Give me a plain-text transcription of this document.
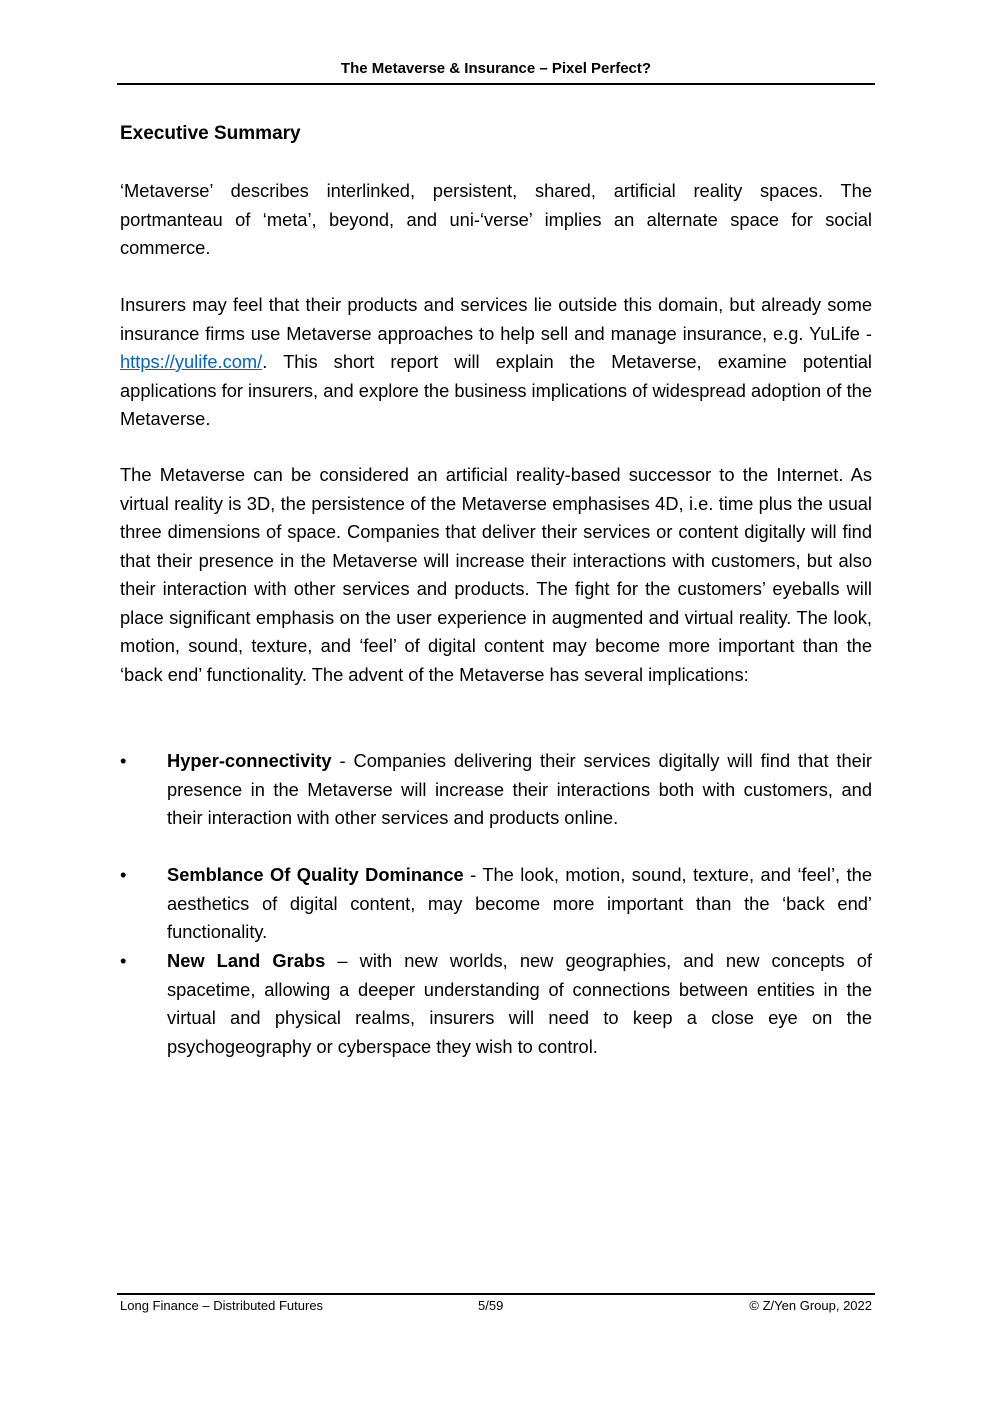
The Metaverse & Insurance – Pixel Perfect?
Executive Summary

‘Metaverse’ describes interlinked, persistent, shared, artificial reality spaces. The portmanteau of ‘meta’, beyond, and uni-‘verse’ implies an alternate space for social commerce.

Insurers may feel that their products and services lie outside this domain, but already some insurance firms use Metaverse approaches to help sell and manage insurance, e.g. YuLife - https://yulife.com/. This short report will explain the Metaverse, examine potential applications for insurers, and explore the business implications of widespread adoption of the Metaverse.

The Metaverse can be considered an artificial reality-based successor to the Internet. As virtual reality is 3D, the persistence of the Metaverse emphasises 4D, i.e. time plus the usual three dimensions of space. Companies that deliver their services or content digitally will find that their presence in the Metaverse will increase their interactions with customers, but also their interaction with other services and products. The fight for the customers’ eyeballs will place significant emphasis on the user experience in augmented and virtual reality. The look, motion, sound, texture, and ‘feel’ of digital content may become more important than the ‘back end’ functionality. The advent of the Metaverse has several implications:

• Hyper-connectivity - Companies delivering their services digitally will find that their presence in the Metaverse will increase their interactions both with customers, and their interaction with other services and products online.
• Semblance Of Quality Dominance - The look, motion, sound, texture, and ‘feel’, the aesthetics of digital content, may become more important than the ‘back end’ functionality.
• New Land Grabs – with new worlds, new geographies, and new concepts of spacetime, allowing a deeper understanding of connections between entities in the virtual and physical realms, insurers will need to keep a close eye on the psychogeography or cyberspace they wish to control.
Long Finance – Distributed Futures	5/59	© Z/Yen Group, 2022
